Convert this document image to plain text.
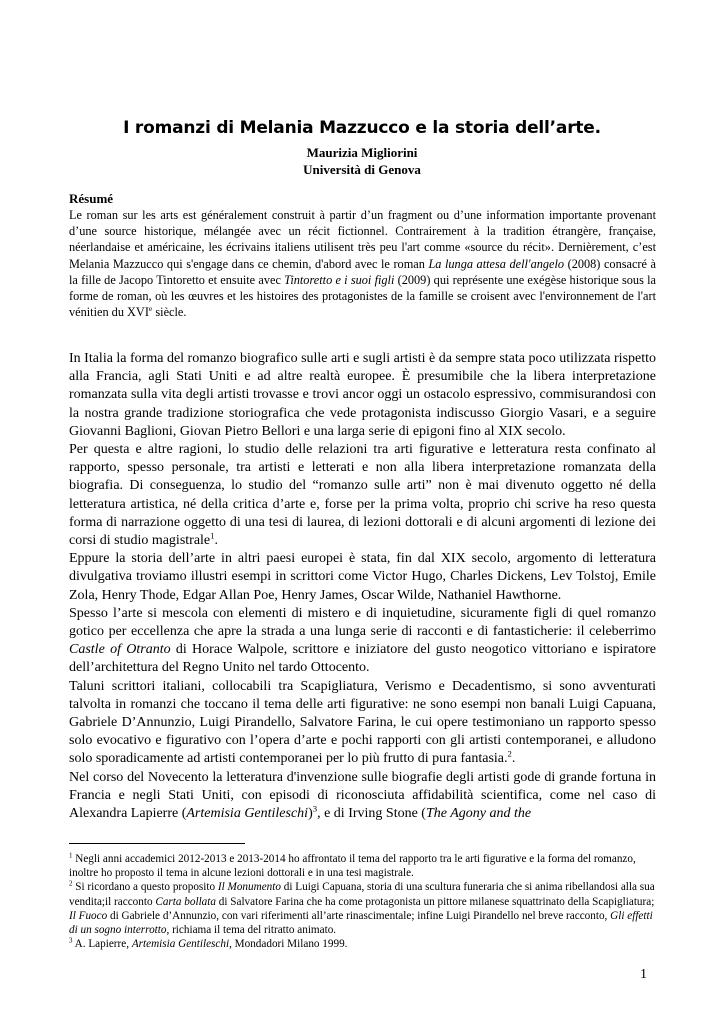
I romanzi di Melania Mazzucco e la storia dell’arte.
Maurizia Migliorini
Università di Genova
Résumé
Le roman sur les arts est généralement construit à partir d’un fragment ou d’une information importante provenant d’une source historique, mélangée avec un récit fictionnel. Contrairement à la tradition étrangère, française, néerlandaise et américaine, les écrivains italiens utilisent très peu l'art comme «source du récit». Dernièrement, c’est Melania Mazzucco qui s'engage dans ce chemin, d'abord avec le roman La lunga attesa dell'angelo (2008) consacré à la fille de Jacopo Tintoretto et ensuite avec Tintoretto e i suoi figli (2009) qui représente une exégèse historique sous la forme de roman, où les œuvres et les histoires des protagonistes de la famille se croisent avec l'environnement de l'art vénitien du XVIe siècle.

In Italia la forma del romanzo biografico sulle arti e sugli artisti è da sempre stata poco utilizzata rispetto alla Francia, agli Stati Uniti e ad altre realtà europee. È presumibile che la libera interpretazione romanzata sulla vita degli artisti trovasse e trovi ancor oggi un ostacolo espressivo, commisurandosi con la nostra grande tradizione storiografica che vede protagonista indiscusso Giorgio Vasari, e a seguire Giovanni Baglioni, Giovan Pietro Bellori e una larga serie di epigoni fino al XIX secolo.

Per questa e altre ragioni, lo studio delle relazioni tra arti figurative e letteratura resta confinato al rapporto, spesso personale, tra artisti e letterati e non alla libera interpretazione romanzata della biografia. Di conseguenza, lo studio del “romanzo sulle arti” non è mai divenuto oggetto né della letteratura artistica, né della critica d’arte e, forse per la prima volta, proprio chi scrive ha reso questa forma di narrazione oggetto di una tesi di laurea, di lezioni dottorali e di alcuni argomenti di lezione dei corsi di studio magistrale$^1$.

Eppure la storia dell’arte in altri paesi europei è stata, fin dal XIX secolo, argomento di letteratura divulgativa troviamo illustri esempi in scrittori come Victor Hugo, Charles Dickens, Lev Tolstoj, Emile Zola, Henry Thode, Edgar Allan Poe, Henry James, Oscar Wilde, Nathaniel Hawthorne.

Spesso l’arte si mescola con elementi di mistero e di inquietudine, sicuramente figli di quel romanzo gotico per eccellenza che apre la strada a una lunga serie di racconti e di fantasticherie: il celeberrimo Castle of Otranto di Horace Walpole, scrittore e iniziatore del gusto neogotico vittoriano e ispiratore dell’architettura del Regno Unito nel tardo Ottocento.

Taluni scrittori italiani, collocabili tra Scapigliatura, Verismo e Decadentismo, si sono avventurati talvolta in romanzi che toccano il tema delle arti figurative: ne sono esempi non banali Luigi Capuana, Gabriele D’Annunzio, Luigi Pirandello, Salvatore Farina, le cui opere testimoniano un rapporto spesso solo evocativo e figurativo con l’opera d’arte e pochi rapporti con gli artisti contemporanei, e alludono solo sporadicamente ad artisti contemporanei per lo più frutto di pura fantasia.$^2$.

Nel corso del Novecento la letteratura d'invenzione sulle biografie degli artisti gode di grande fortuna in Francia e negli Stati Uniti, con episodi di riconosciuta affidabilità scientifica, come nel caso di Alexandra Lapierre (Artemisia Gentileschi)$^3$, e di Irving Stone (The Agony and the

$^1$ Negli anni accademici 2012-2013 e 2013-2014 ho affrontato il tema del rapporto tra le arti figurative e la forma del romanzo, inoltre ho proposto il tema in alcune lezioni dottorali e in una tesi magistrale.

$^2$ Si ricordano a questo proposito Il Monumento di Luigi Capuana, storia di una scultura funeraria che si anima ribellandosi alla sua vendita;il racconto Carta bollata di Salvatore Farina che ha come protagonista un pittore milanese squattrinato della Scapigliatura; Il Fuoco di Gabriele d’Annunzio, con vari riferimenti all’arte rinascimentale; infine Luigi Pirandello nel breve racconto, Gli effetti di un sogno interrotto, richiama il tema del ritratto animato.

$^3$ A. Lapierre, Artemisia Gentileschi, Mondadori Milano 1999.

1
